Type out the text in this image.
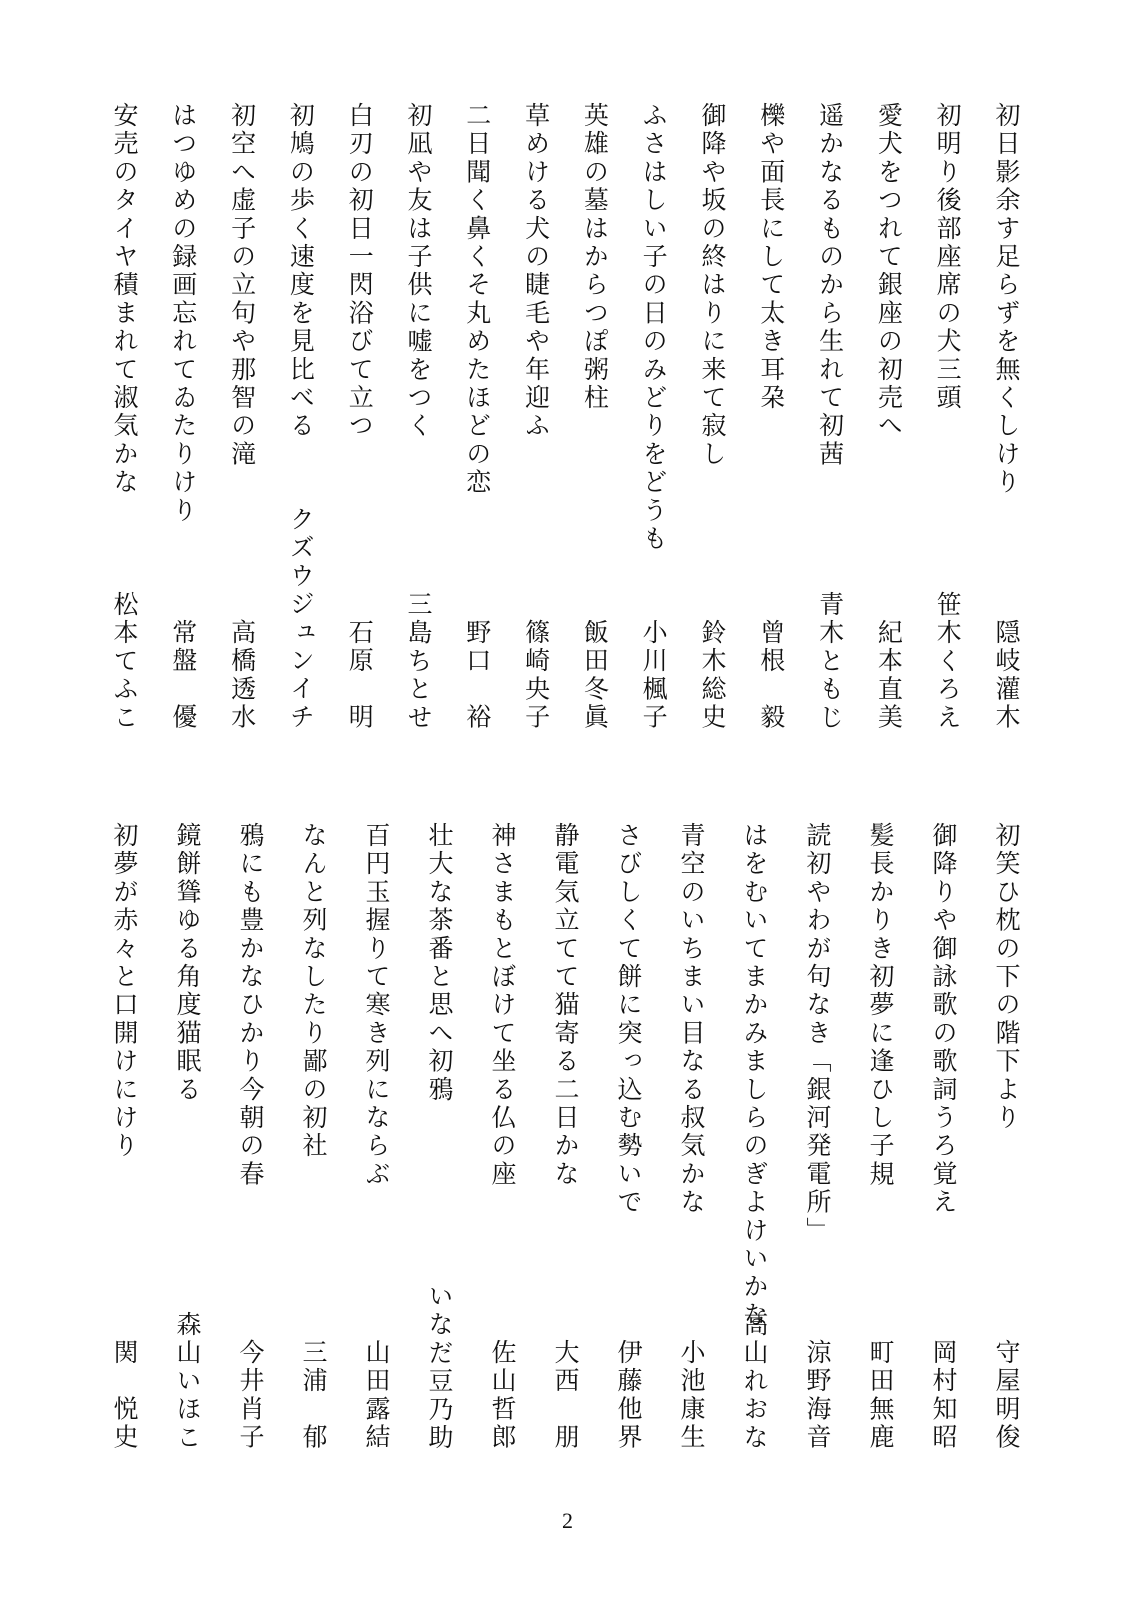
初日影余す足らずを無くしけり
隠岐灌木
初明り後部座席の犬三頭
笹木くろえ
愛犬をつれて銀座の初売へ
紀本直美
遥かなるものから生れて初茜
青木ともじ
櫟や面長にして太き耳朶
曾根　毅
御降や坂の終はりに来て寂し
鈴木総史
ふさはしい子の日のみどりをどうも
小川楓子
英雄の墓はからつぽ粥柱
飯田冬眞
草めける犬の睫毛や年迎ふ
篠崎央子
二日聞く鼻くそ丸めたほどの恋
野口　裕
初凪や友は子供に嘘をつく
三島ちとせ
白刃の初日一閃浴びて立つ
石原　明
初鳩の歩く速度を見比べる
クズウジュンイチ
初空へ虚子の立句や那智の滝
高橋透水
はつゆめの録画忘れてゐたりけり
常盤　優
安売のタイヤ積まれて淑気かな
松本てふこ
初笑ひ枕の下の階下より
守屋明俊
御降りや御詠歌の歌詞うろ覚え
岡村知昭
髪長かりき初夢に逢ひし子規
町田無鹿
読初やわが句なき「銀河発電所」
涼野海音
はをむいてまかみましらのぎよけいかな
高山れおな
青空のいちまい目なる叔気かな
小池康生
さびしくて餅に突っ込む勢いで
伊藤他界
静電気立てて猫寄る二日かな
大西　朋
神さまもとぼけて坐る仏の座
佐山哲郎
壮大な茶番と思へ初鴉
いなだ豆乃助
百円玉握りて寒き列にならぶ
山田露結
なんと列なしたり鄙の初社
三浦　郁
鴉にも豊かなひかり今朝の春
今井肖子
鏡餅聳ゆる角度猫眠る
森山いほこ
初夢が赤々と口開けにけり
関　悦史
2
